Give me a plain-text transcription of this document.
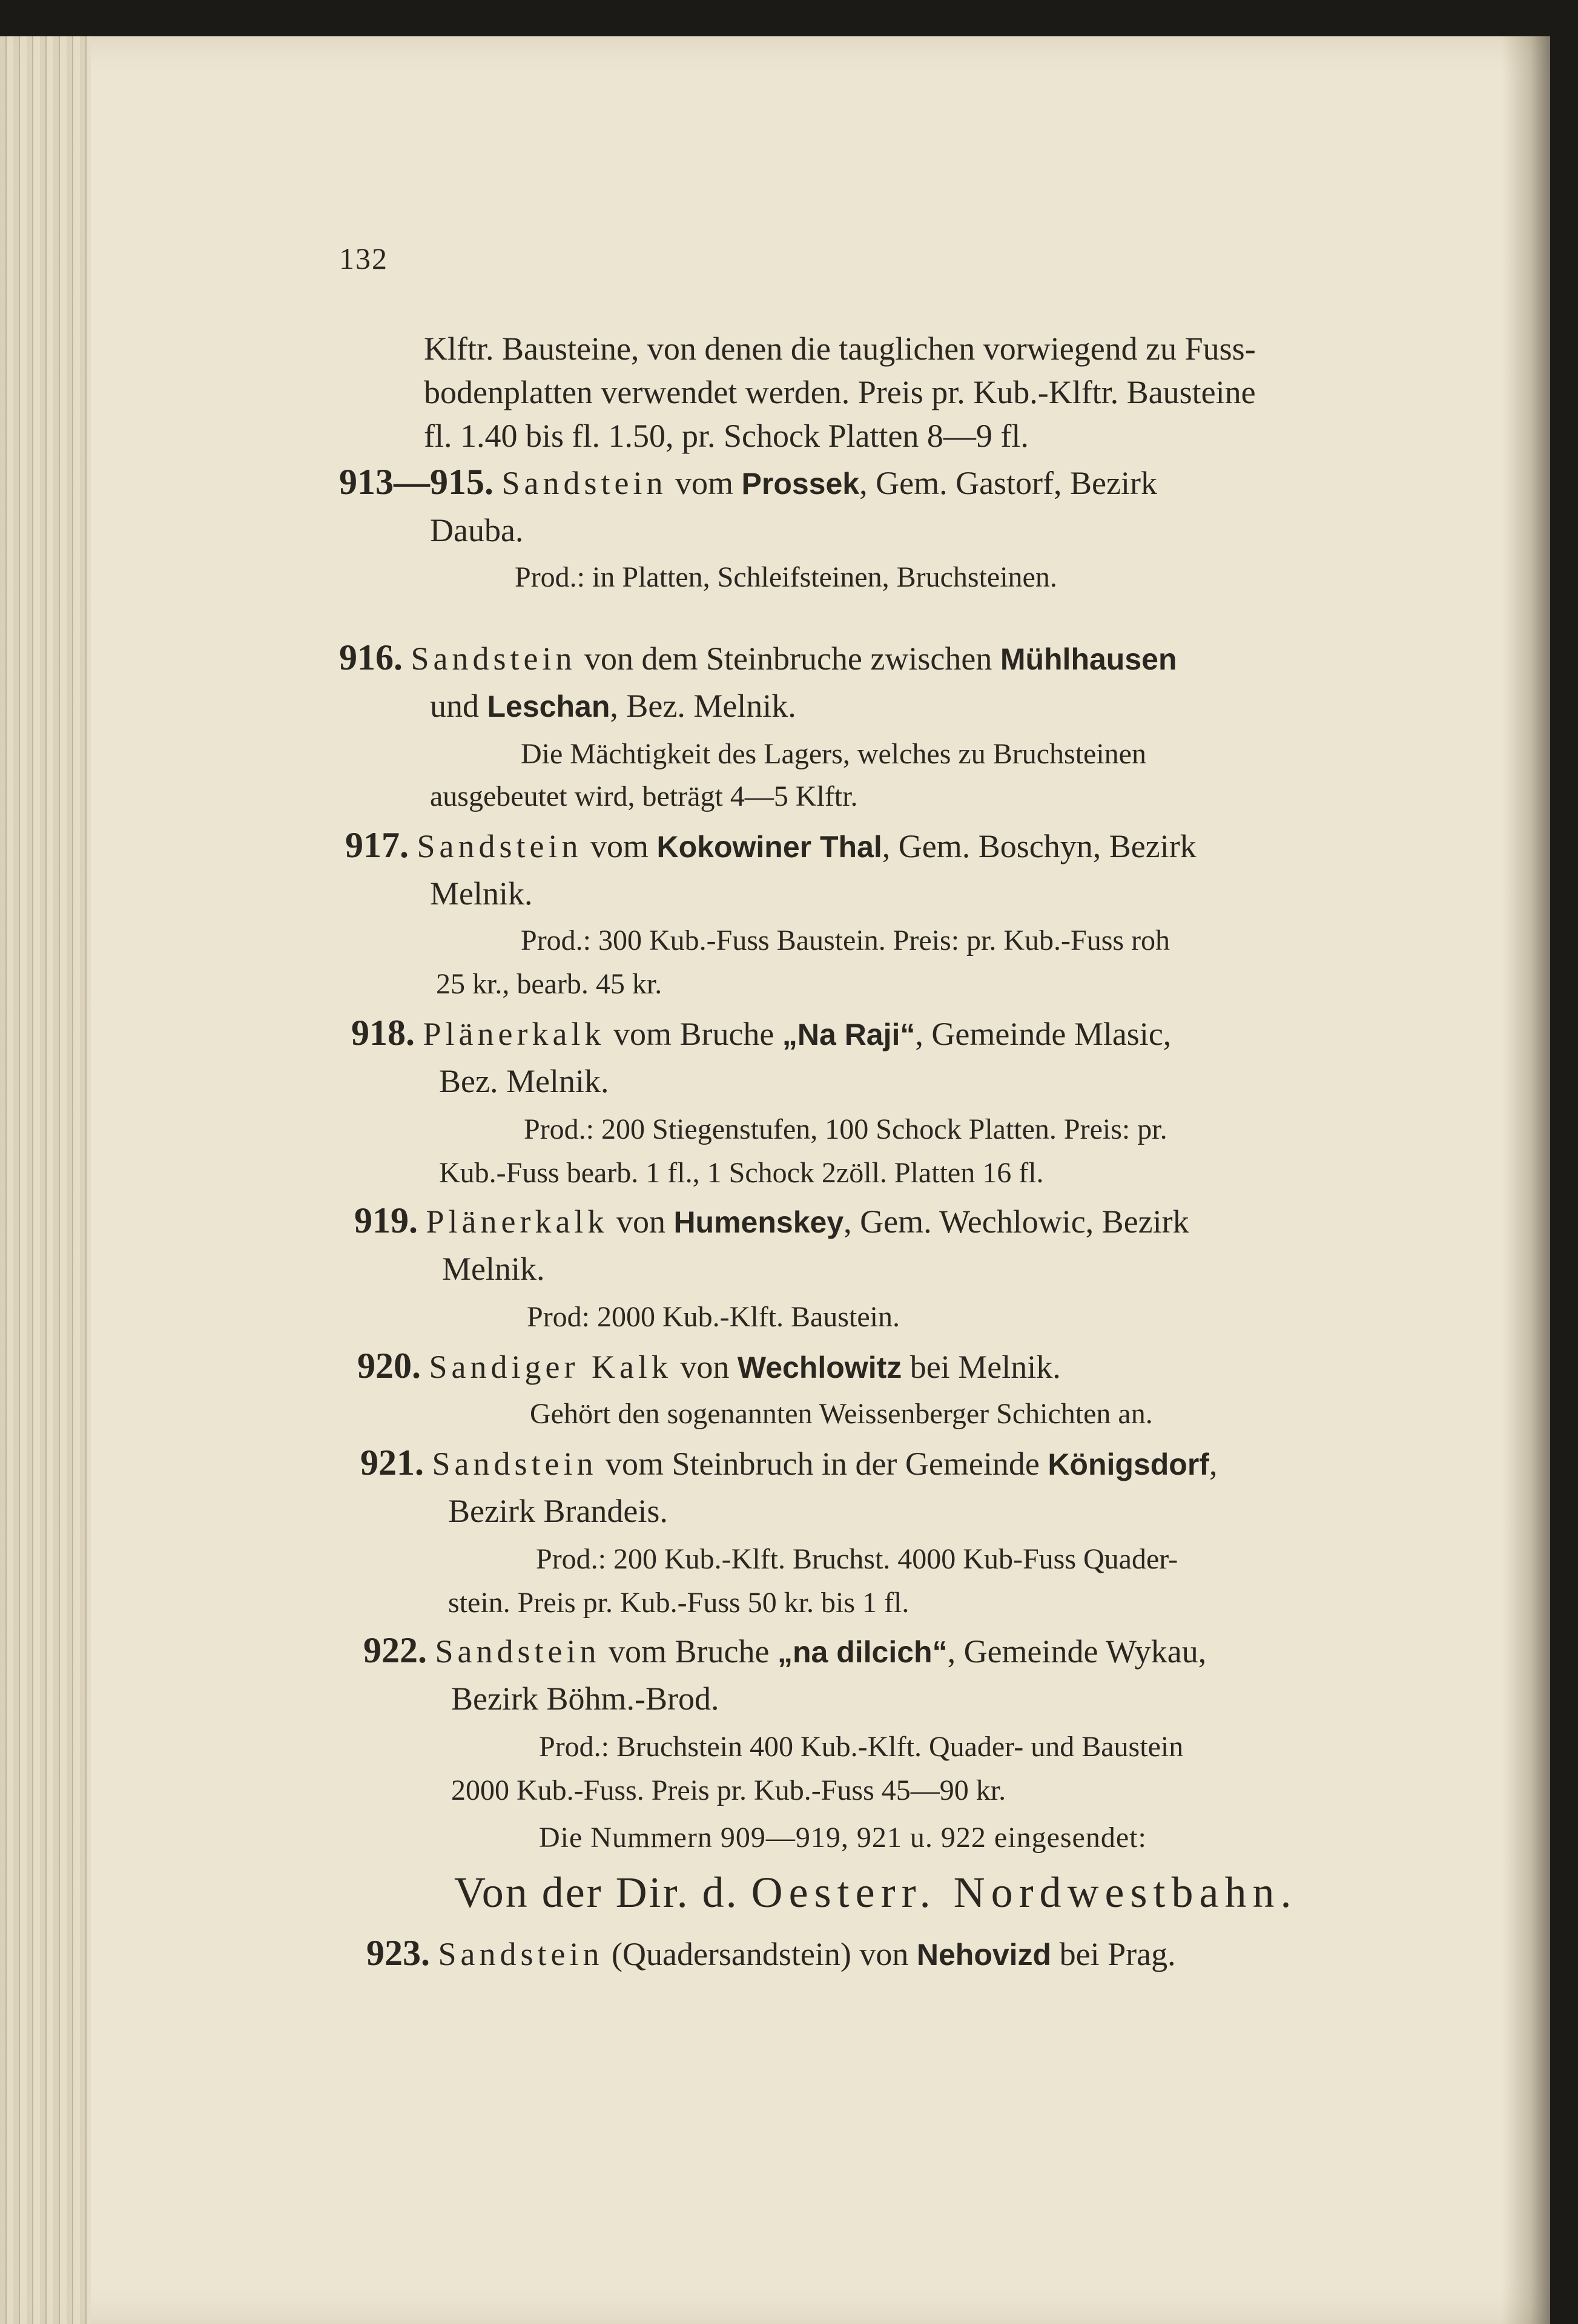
132
Klftr. Bausteine, von denen die tauglichen vorwiegend zu Fuss-
bodenplatten verwendet werden. Preis pr. Kub.-Klftr. Bausteine
fl. 1.40 bis fl. 1.50, pr. Schock Platten 8—9 fl.
913—915. Sandstein vom Prossek, Gem. Gastorf, Bezirk
Dauba.
Prod.: in Platten, Schleifsteinen, Bruchsteinen.
916. Sandstein von dem Steinbruche zwischen Mühlhausen
und Leschan, Bez. Melnik.
Die Mächtigkeit des Lagers, welches zu Bruchsteinen
ausgebeutet wird, beträgt 4—5 Klftr.
917. Sandstein vom Kokowiner Thal, Gem. Boschyn, Bezirk
Melnik.
Prod.: 300 Kub.-Fuss Baustein. Preis: pr. Kub.-Fuss roh
25 kr., bearb. 45 kr.
918. Plänerkalk vom Bruche „Na Raji“, Gemeinde Mlasic,
Bez. Melnik.
Prod.: 200 Stiegenstufen, 100 Schock Platten. Preis: pr.
Kub.-Fuss bearb. 1 fl., 1 Schock 2zöll. Platten 16 fl.
919. Plänerkalk von Humenskey, Gem. Wechlowic, Bezirk
Melnik.
Prod: 2000 Kub.-Klft. Baustein.
920. Sandiger Kalk von Wechlowitz bei Melnik.
Gehört den sogenannten Weissenberger Schichten an.
921. Sandstein vom Steinbruch in der Gemeinde Königsdorf,
Bezirk Brandeis.
Prod.: 200 Kub.-Klft. Bruchst. 4000 Kub-Fuss Quader-
stein. Preis pr. Kub.-Fuss 50 kr. bis 1 fl.
922. Sandstein vom Bruche „na dilcich“, Gemeinde Wykau,
Bezirk Böhm.-Brod.
Prod.: Bruchstein 400 Kub.-Klft. Quader- und Baustein
2000 Kub.-Fuss. Preis pr. Kub.-Fuss 45—90 kr.
Die Nummern 909—919, 921 u. 922 eingesendet:
Von der Dir. d. Oesterr. Nordwestbahn.
923. Sandstein (Quadersandstein) von Nehovizd bei Prag.
